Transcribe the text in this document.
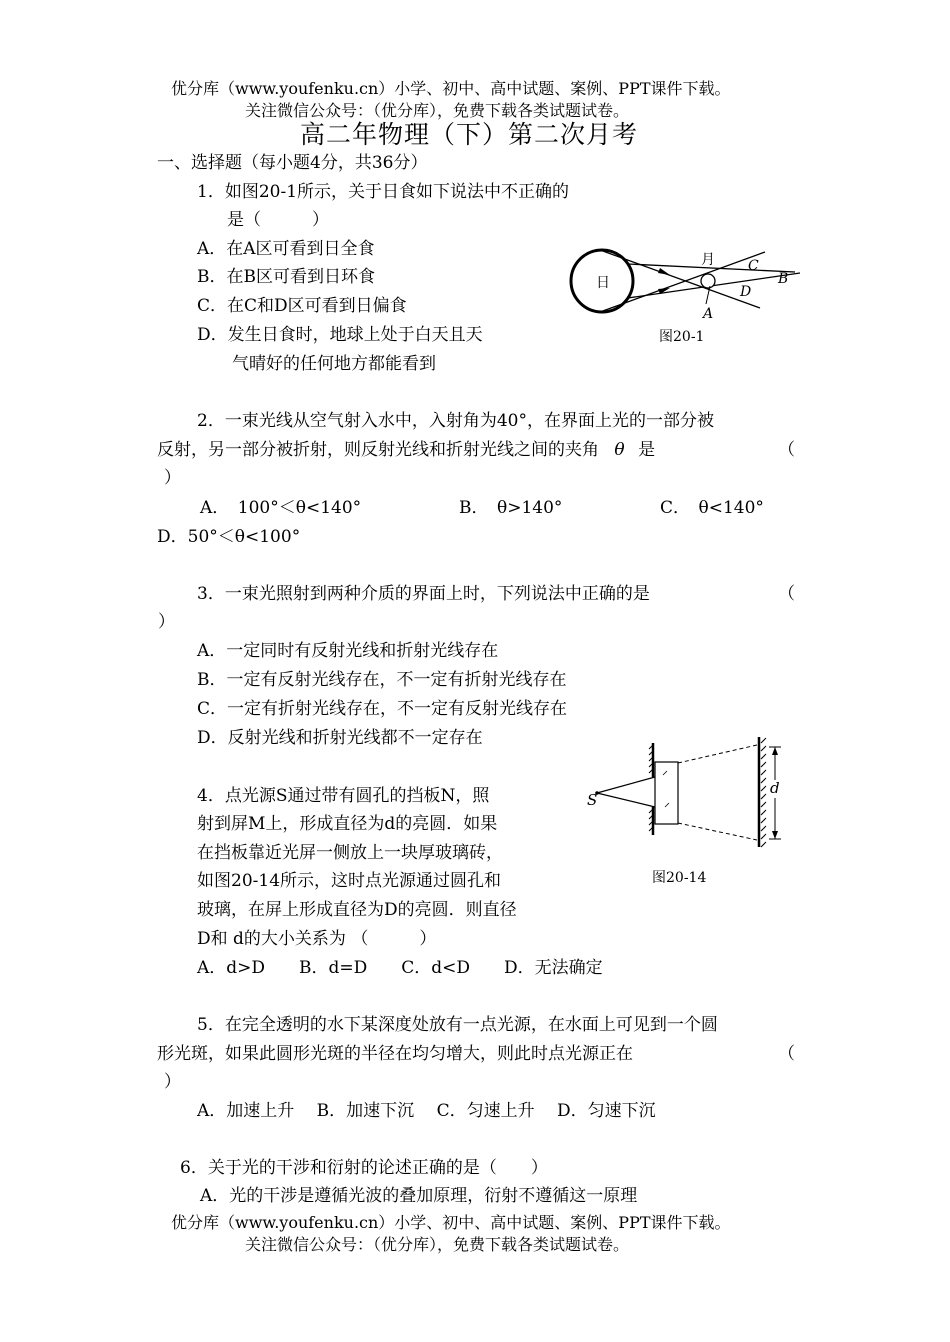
优分库（www.youfenku.cn）小学、初中、高中试题、案例、PPT课件下载。
关注微信公众号：（优分库），免费下载各类试题试卷。
高二年物理（下）第二次月考
一、选择题（每小题4分，共36分）
1．如图20-1所示，关于日食如下说法中不正确的
是（　　　）
A．在A区可看到日全食
B．在B区可看到日环食
C．在C和D区可看到日偏食
D．发生日食时，地球上处于白天且天
气晴好的任何地方都能看到
日
月
A
B
C
D
图20-1
2．一束光线从空气射入水中，入射角为40°，在界面上光的一部分被
反射，另一部分被折射，则反射光线和折射光线之间的夹角 θ 是	（
）
A．　100°＜θ<140°	B．　θ>140°	C．　θ<140°
D．50°＜θ<100°
3．一束光照射到两种介质的界面上时，下列说法中正确的是	（
）
A．一定同时有反射光线和折射光线存在
B．一定有反射光线存在，不一定有折射光线存在
C．一定有折射光线存在，不一定有反射光线存在
D．反射光线和折射光线都不一定存在
4．点光源S通过带有圆孔的挡板N，照
射到屏M上，形成直径为d的亮圆．如果
在挡板靠近光屏一侧放上一块厚玻璃砖，
如图20-14所示，这时点光源通过圆孔和
玻璃，在屏上形成直径为D的亮圆．则直径
D和 d的大小关系为 （　　　）
A．d>D　　B．d=D　　C．d<D　　D．无法确定
S
d
图20-14
5．在完全透明的水下某深度处放有一点光源，在水面上可见到一个圆
形光斑，如果此圆形光斑的半径在均匀增大，则此时点光源正在	（
）
A．加速上升　 B．加速下沉　 C．匀速上升　 D．匀速下沉
6．关于光的干涉和衍射的论述正确的是（　　）
A．光的干涉是遵循光波的叠加原理，衍射不遵循这一原理
优分库（www.youfenku.cn）小学、初中、高中试题、案例、PPT课件下载。
关注微信公众号：（优分库），免费下载各类试题试卷。
